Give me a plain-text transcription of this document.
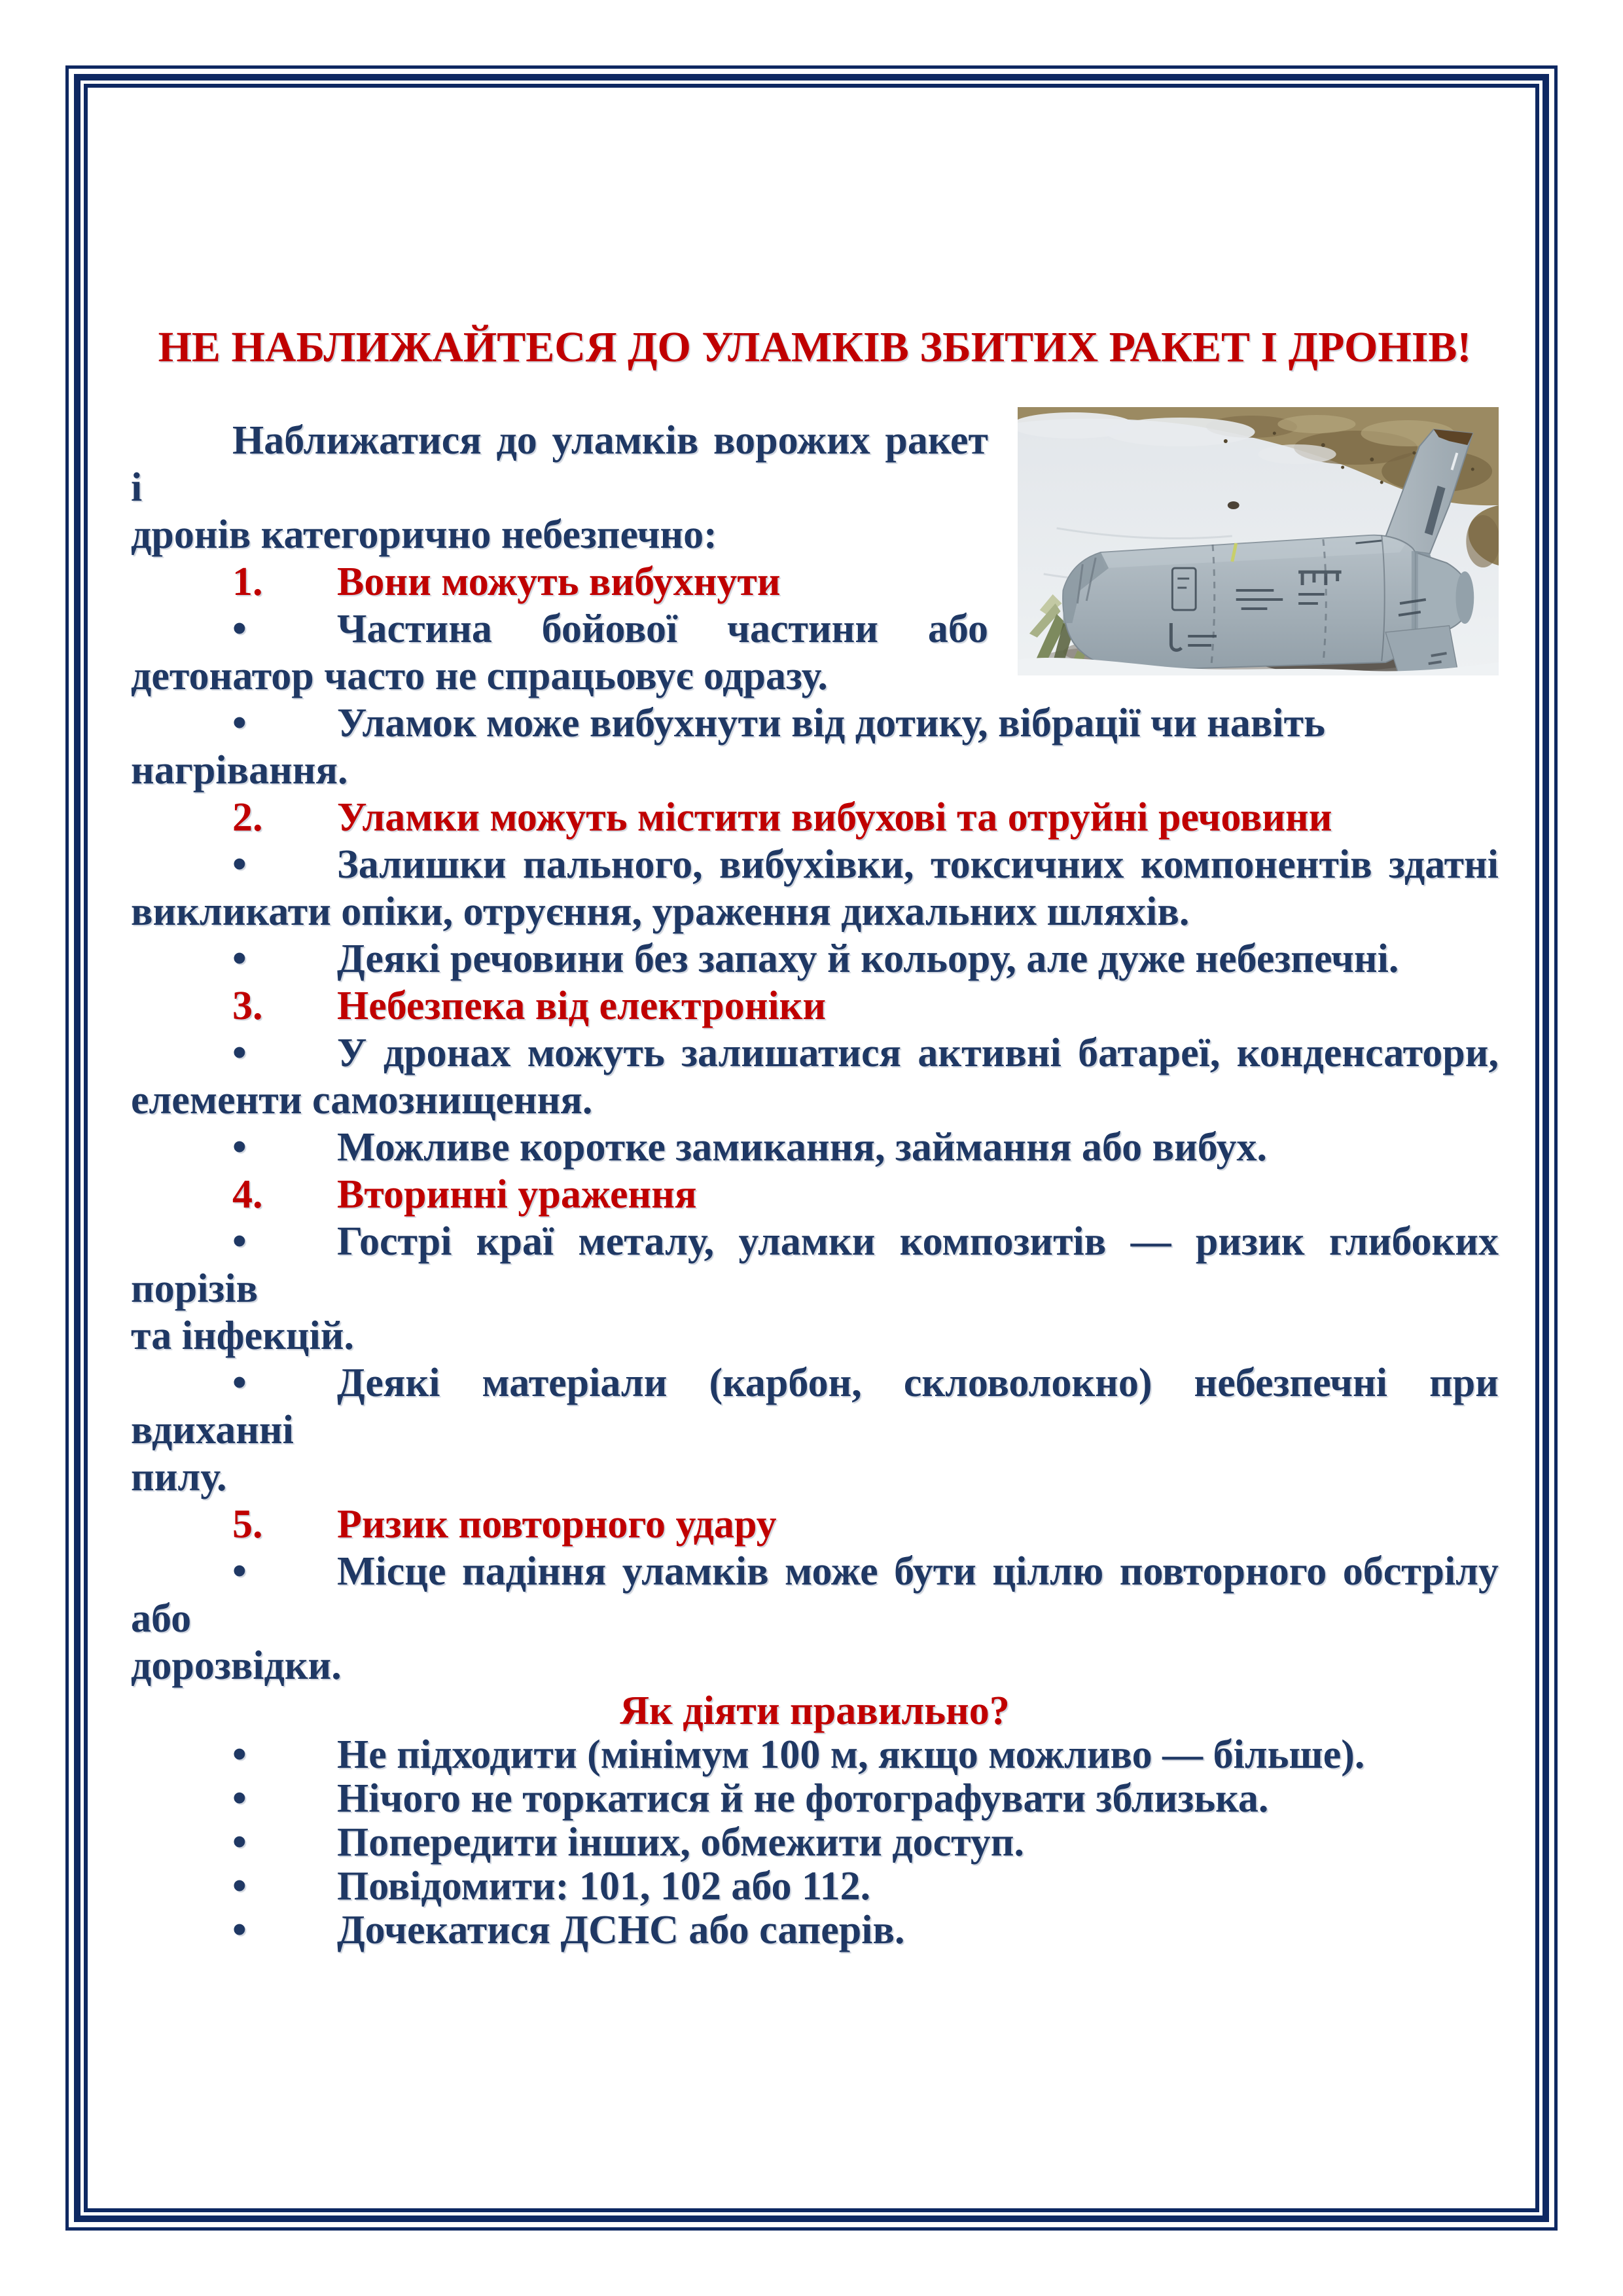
НЕ НАБЛИЖАЙТЕСЯ ДО УЛАМКІВ ЗБИТИХ РАКЕТ І ДРОНІВ!

Наближатися до уламків ворожих ракет і

дронів категорично небезпечно:

1. Вони можуть вибухнути

• Частина бойової частини або

детонатор часто не спрацьовує одразу.

• Уламок може вибухнути від дотику, вібрації чи навіть нагрівання.

2. Уламки можуть містити вибухові та отруйні речовини

• Залишки пального, вибухівки, токсичних компонентів здатні

викликати опіки, отруєння, ураження дихальних шляхів.

• Деякі речовини без запаху й кольору, але дуже небезпечні.

3. Небезпека від електроніки

• У дронах можуть залишатися активні батареї, конденсатори,

елементи самознищення.

• Можливе коротке замикання, займання або вибух.

4. Вторинні ураження

• Гострі краї металу, уламки композитів — ризик глибоких порізів

та інфекцій.

• Деякі матеріали (карбон, скловолокно) небезпечні при вдиханні

пилу.

5. Ризик повторного удару

• Місце падіння уламків може бути ціллю повторного обстрілу або

дорозвідки.

Як діяти правильно?

• Не підходити (мінімум 100 м, якщо можливо — більше).

• Нічого не торкатися й не фотографувати зблизька.

• Попередити інших, обмежити доступ.

• Повідомити: 101, 102 або 112.

• Дочекатися ДСНС або саперів.
